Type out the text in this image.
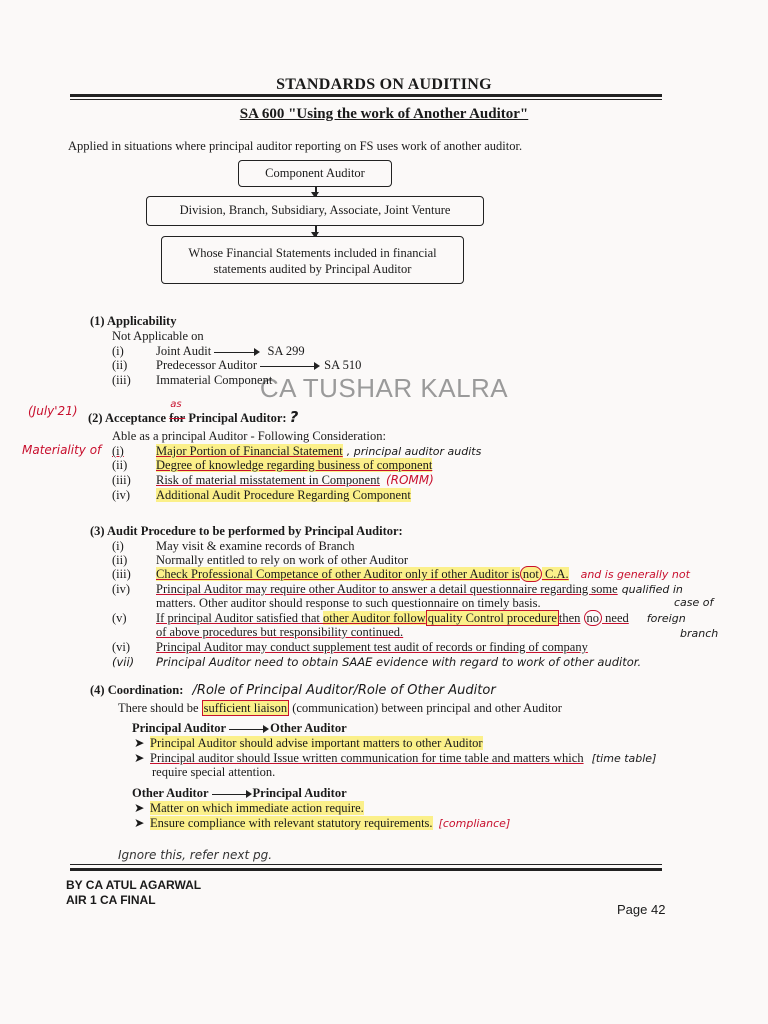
STANDARDS ON AUDITING
SA 600 "Using the work of Another Auditor"
Applied in situations where principal auditor reporting on FS uses work of another auditor.
Component Auditor
Division, Branch, Subsidiary, Associate, Joint Venture
Whose Financial Statements included in financial
statements audited by Principal Auditor
CA TUSHAR KALRA
(1) Applicability
Not Applicable on
(i)	Joint Audit	SA 299
(ii) Predecessor Auditor	SA 510
(iii) Immaterial Component
(July'21) (2) Acceptance for
as
Principal Auditor: ?
Able as a principal Auditor - Following Consideration:
Materiality of (i)	Major Portion of Financial Statement , principal auditor audits
(ii) Degree of knowledge regarding business of component
(iii) Risk of material misstatement in Component (ROMM)
(iv) Additional Audit Procedure Regarding Component
(3) Audit Procedure to be performed by Principal Auditor:
(i)	May visit & examine records of Branch
(ii) Normally entitled to rely on work of other Auditor
(iii) Check Professional Competance of other Auditor only if other Auditor is not C.A. and is generally not
(iv) Principal Auditor may require other Auditor to answer a detail questionnaire regarding some qualified in
matters. Other auditor should response to such questionnaire on timely basis.	case of
(v) If principal Auditor satisfied that other Auditor follow quality Control procedure then no need foreign
of above procedures but responsibility continued.	branch
(vi) Principal Auditor may conduct supplement test audit of records or finding of company
(vii) Principal Auditor need to obtain SAAE evidence with regard to work of other auditor.
(4) Coordination: /Role of Principal Auditor/Role of Other Auditor
There should be sufficient liaison (communication) between principal and other Auditor
Principal Auditor	Other Auditor
➤ Principal Auditor should advise important matters to other Auditor
➤ Principal auditor should Issue written communication for time table and matters which [time table]
require special attention.
Other Auditor	Principal Auditor
➤ Matter on which immediate action require.
➤ Ensure compliance with relevant statutory requirements. [compliance]
Ignore this, refer next pg.
BY CA ATUL AGARWAL
AIR 1 CA FINAL
Page 42
